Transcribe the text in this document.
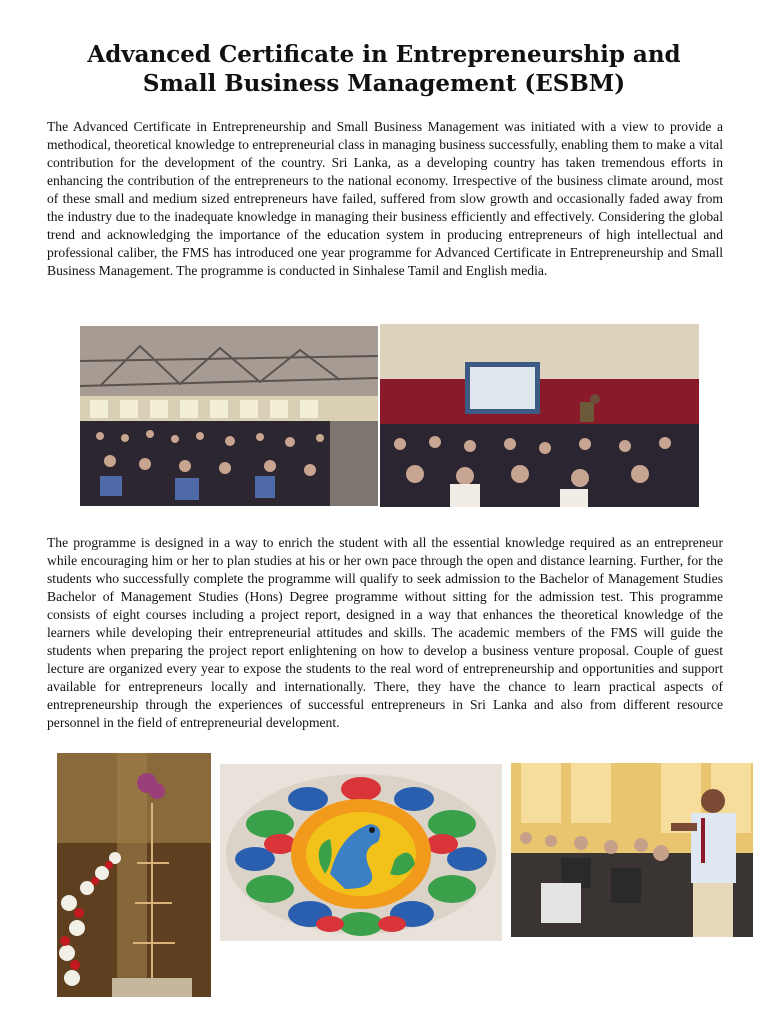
Advanced Certificate in Entrepreneurship and
Small Business Management (ESBM)

The Advanced Certificate in Entrepreneurship and Small Business Management was initiated with a view to provide a methodical, theoretical knowledge to entrepreneurial class in managing business successfully, enabling them to make a vital contribution for the development of the country. Sri Lanka, as a developing country has taken tremendous efforts in enhancing the contribution of the entrepreneurs to the national economy. Irrespective of the business climate around, most of these small and medium sized entrepreneurs have failed, suffered from slow growth and occasionally faded away from the industry due to the inadequate knowledge in managing their business efficiently and effectively. Considering the global trend and acknowledging the importance of the education system in producing entrepreneurs of high intellectual and professional caliber, the FMS has introduced one year programme for Advanced Certificate in Entrepreneurship and Small Business Management. The programme is conducted in Sinhalese Tamil and English media.

The programme is designed in a way to enrich the student with all the essential knowledge required as an entrepreneur while encouraging him or her to plan studies at his or her own pace through the open and distance learning. Further, for the students who successfully complete the programme will qualify to seek admission to the Bachelor of Management Studies Bachelor of Management Studies (Hons) Degree programme without sitting for the admission test. This programme consists of eight courses including a project report, designed in a way that enhances the theoretical knowledge of the learners while developing their entrepreneurial attitudes and skills. The academic members of the FMS will guide the students when preparing the project report enlightening on how to develop a business venture proposal. Couple of guest lecture are organized every year to expose the students to the real word of entrepreneurship and opportunities and support available for entrepreneurs locally and internationally. There, they have the chance to learn practical aspects of entrepreneurship through the experiences of successful entrepreneurs in Sri Lanka and also from different resource personnel in the field of entrepreneurial development.
